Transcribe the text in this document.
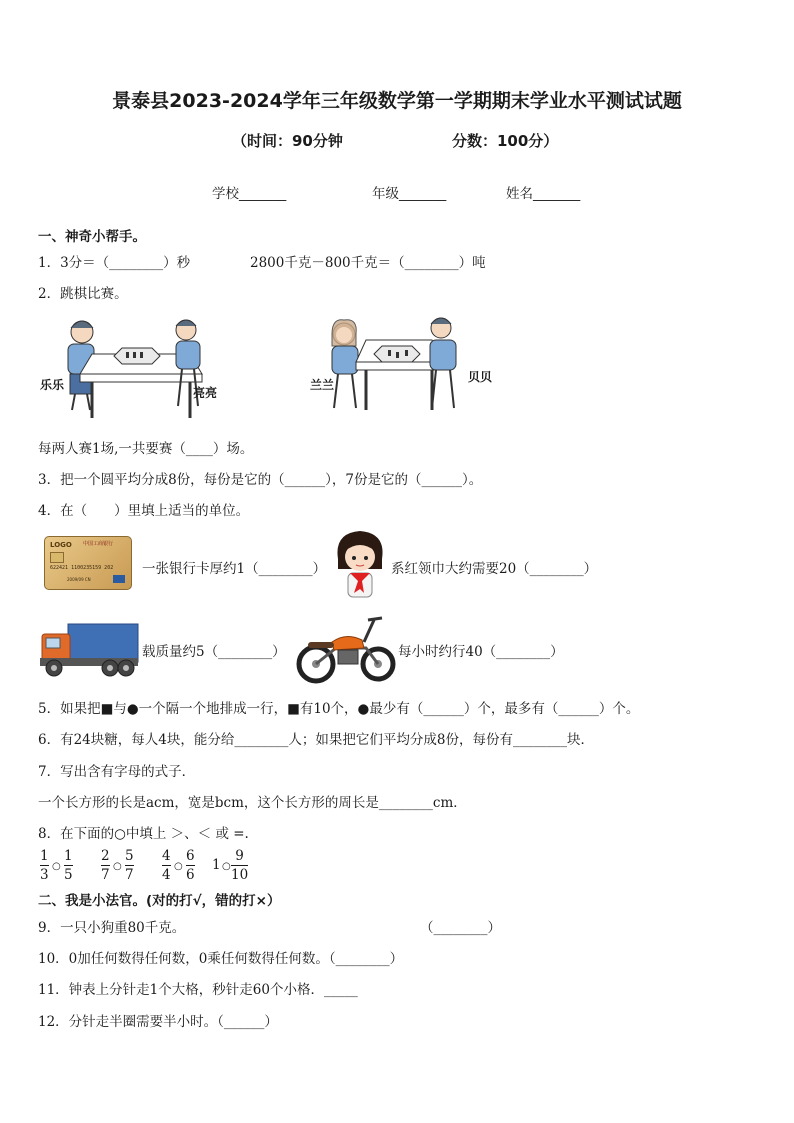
景泰县2023-2024学年三年级数学第一学期期末学业水平测试试题
（时间：90分钟	分数：100分）
学校_______	年级_______	姓名_______
一、神奇小帮手。
1．3分＝（________）秒	2800千克－800千克＝（________）吨
2．跳棋比赛。
乐乐
亮亮
兰兰
贝贝
每两人赛1场,一共要赛（____）场。
3．把一个圆平均分成8份，每份是它的（______），7份是它的（______）。
4．在（　　）里填上适当的单位。
LOGO 中国工商银行
622421 1100235159 202
2009/09 CN
一张银行卡厚约1（________）	系红领巾大约需要20（________）
载质量约5（________）	每小时约行40（________）
5．如果把■与●一个隔一个地排成一行，■有10个，●最少有（______）个，最多有（______）个。
6．有24块糖，每人4块，能分给________人；如果把它们平均分成8份，每份有________块．
7．写出含有字母的式子．
一个长方形的长是acm，宽是bcm，这个长方形的周长是________cm．
8．在下面的○中填上 ＞、＜ 或 =.
1
3
○
1
5
2
7
○
5
7
4
4
○
6
6
1 ○
9
10
二、我是小法官。(对的打√，错的打×）
9．一只小狗重80千克。	（________）
10．0加任何数得任何数，0乘任何数得任何数。（________）
11．钟表上分针走1个大格，秒针走60个小格．_____
12．分针走半圈需要半小时。（______）
